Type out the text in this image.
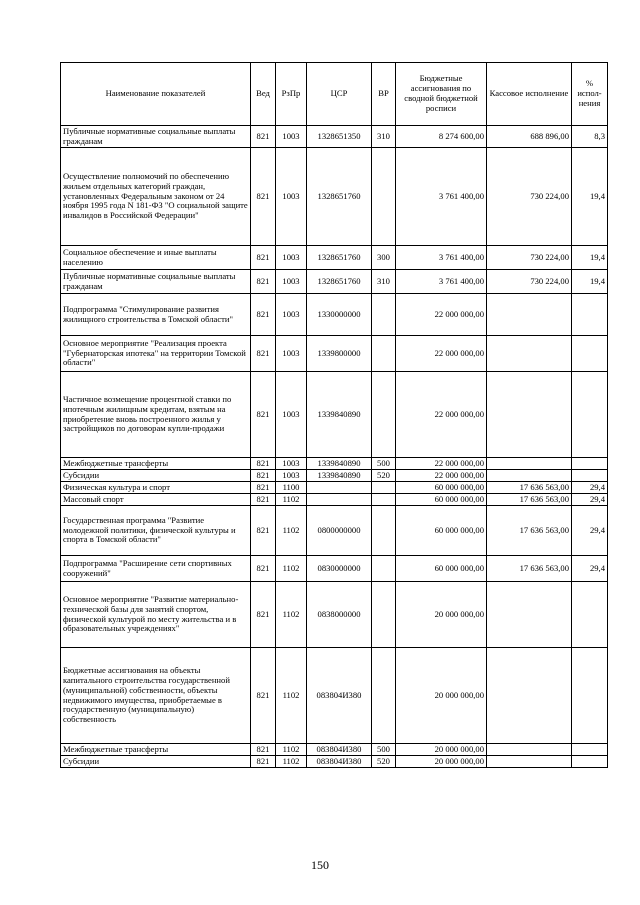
Наименование показателей	Вед	РзПр	ЦСР	ВР	Бюджетные ассигнования по сводной бюджетной росписи	Кассовое исполнение	% испол-нения
Публичные нормативные социальные выплаты гражданам	821	1003	1328651350	310	8 274 600,00	688 896,00	8,3
Осуществление полномочий по обеспечению жильем отдельных категорий граждан, установленных Федеральным законом от 24 ноября 1995 года N 181-ФЗ "О социальной защите инвалидов в Российской Федерации"	821	1003	1328651760		3 761 400,00	730 224,00	19,4
Социальное обеспечение и иные выплаты населению	821	1003	1328651760	300	3 761 400,00	730 224,00	19,4
Публичные нормативные социальные выплаты гражданам	821	1003	1328651760	310	3 761 400,00	730 224,00	19,4
Подпрограмма "Стимулирование развития жилищного строительства в Томской области"	821	1003	1330000000		22 000 000,00		
Основное мероприятие "Реализация проекта "Губернаторская ипотека" на территории Томской области"	821	1003	1339800000		22 000 000,00		
Частичное возмещение процентной ставки по ипотечным жилищным кредитам, взятым на приобретение вновь построенного жилья у застройщиков по договорам купли-продажи	821	1003	1339840890		22 000 000,00		
Межбюджетные трансферты	821	1003	1339840890	500	22 000 000,00		
Субсидии	821	1003	1339840890	520	22 000 000,00		
Физическая культура и спорт	821	1100			60 000 000,00	17 636 563,00	29,4
Массовый спорт	821	1102			60 000 000,00	17 636 563,00	29,4
Государственная программа "Развитие молодежной политики, физической культуры и спорта в Томской области"	821	1102	0800000000		60 000 000,00	17 636 563,00	29,4
Подпрограмма "Расширение сети спортивных сооружений"	821	1102	0830000000		60 000 000,00	17 636 563,00	29,4
Основное мероприятие "Развитие материально-технической базы для занятий спортом, физической культурой по месту жительства и в образовательных учреждениях"	821	1102	0838000000		20 000 000,00		
Бюджетные ассигнования на объекты капитального строительства государственной (муниципальной) собственности, объекты недвижимого имущества, приобретаемые в государственную (муниципальную) собственность	821	1102	083804И380		20 000 000,00		
Межбюджетные трансферты	821	1102	083804И380	500	20 000 000,00		
Субсидии	821	1102	083804И380	520	20 000 000,00		
150
